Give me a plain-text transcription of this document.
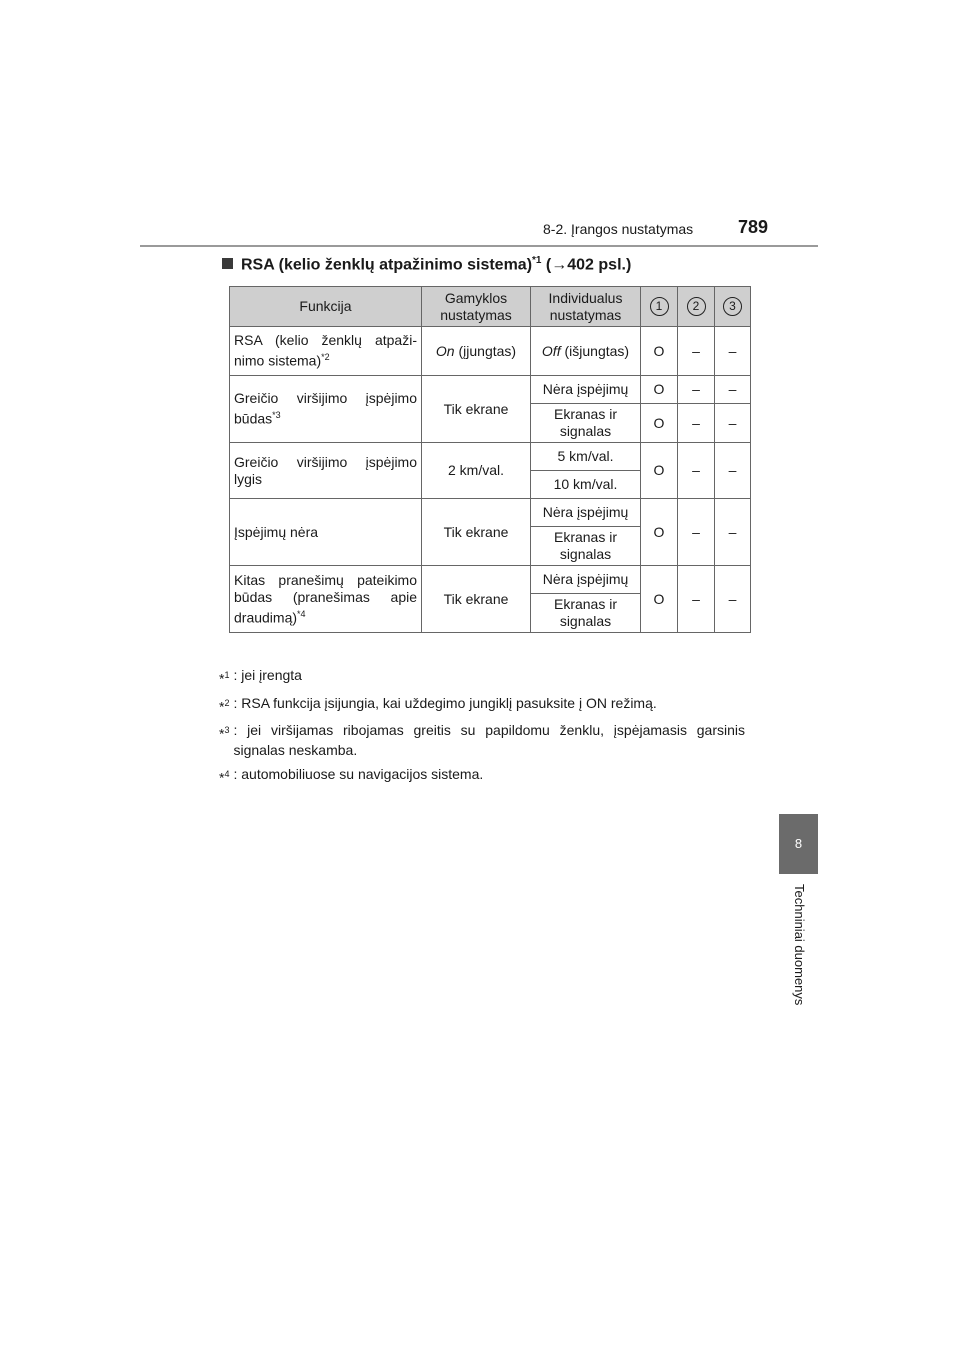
8-2. Įrangos nustatymas 789
RSA (kelio ženklų atpažinimo sistema)$^{*1}$ (→402 psl.)
Funkcija	Gamyklos nustatymas	Individualus nustatymas	1	2	3
RSA (kelio ženklų atpaži-nimo sistema)$^{*2}$	On (įjungtas)	Off (išjungtas)	O	–	–
Greičio viršijimo įspėjimo būdas$^{*3}$	Tik ekrane	Nėra įspėjimų	O	–	–
		Ekranas ir signalas	O	–	–
Greičio viršijimo įspėjimo lygis	2 km/val.	5 km/val.	O	–	–
		10 km/val.			
Įspėjimų nėra	Tik ekrane	Nėra įspėjimų	O	–	–
		Ekranas ir signalas			
Kitas pranešimų pateikimo būdas (pranešimas apie draudimą)$^{*4}$	Tik ekrane	Nėra įspėjimų	O	–	–
		Ekranas ir signalas			
*$^1$ : jei įrengta
*$^2$ : RSA funkcija įsijungia, kai uždegimo jungiklį pasuksite į ON režimą.
*$^3$ : jei viršijamas ribojamas greitis su papildomu ženklu, įspėjamasis garsinis signalas neskamba.
*$^4$ : automobiliuose su navigacijos sistema.
8
Techniniai duomenys
